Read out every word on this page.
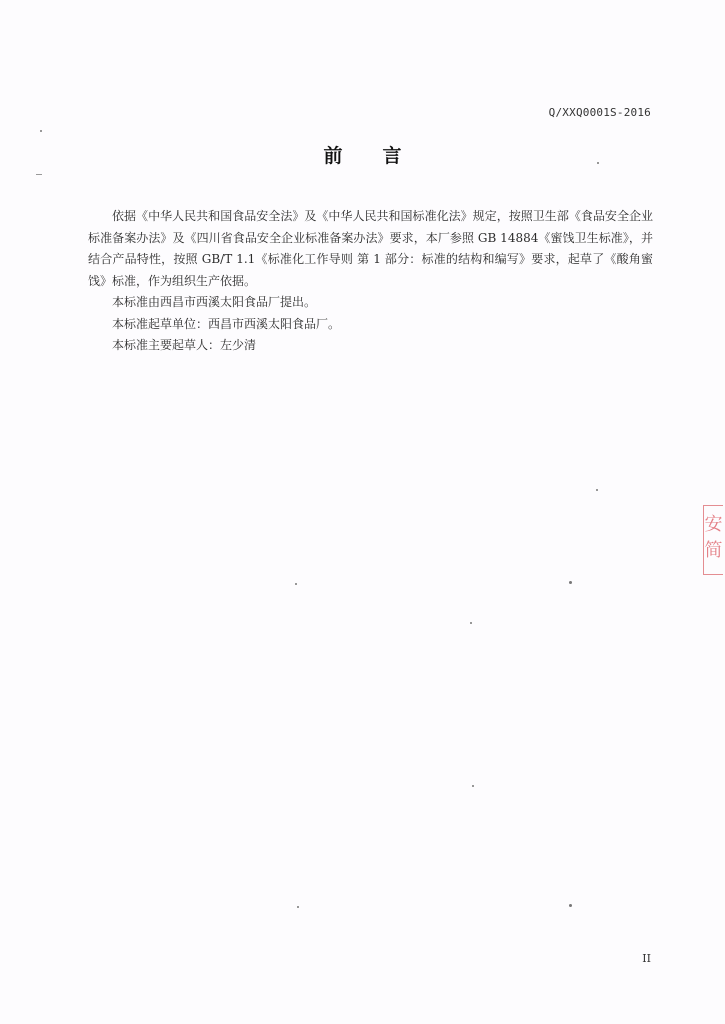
Q/XXQ0001S-2016
前言

依据《中华人民共和国食品安全法》及《中华人民共和国标准化法》规定，按照卫生部《食品安全企业标准备案办法》及《四川省食品安全企业标准备案办法》要求，本厂参照 GB 14884《蜜饯卫生标准》，并结合产品特性，按照 GB/T 1.1《标准化工作导则 第 1 部分：标准的结构和编写》要求，起草了《酸角蜜饯》标准，作为组织生产依据。

本标准由西昌市西溪太阳食品厂提出。

本标准起草单位：西昌市西溪太阳食品厂。

本标准主要起草人：左少清

II
安
简
